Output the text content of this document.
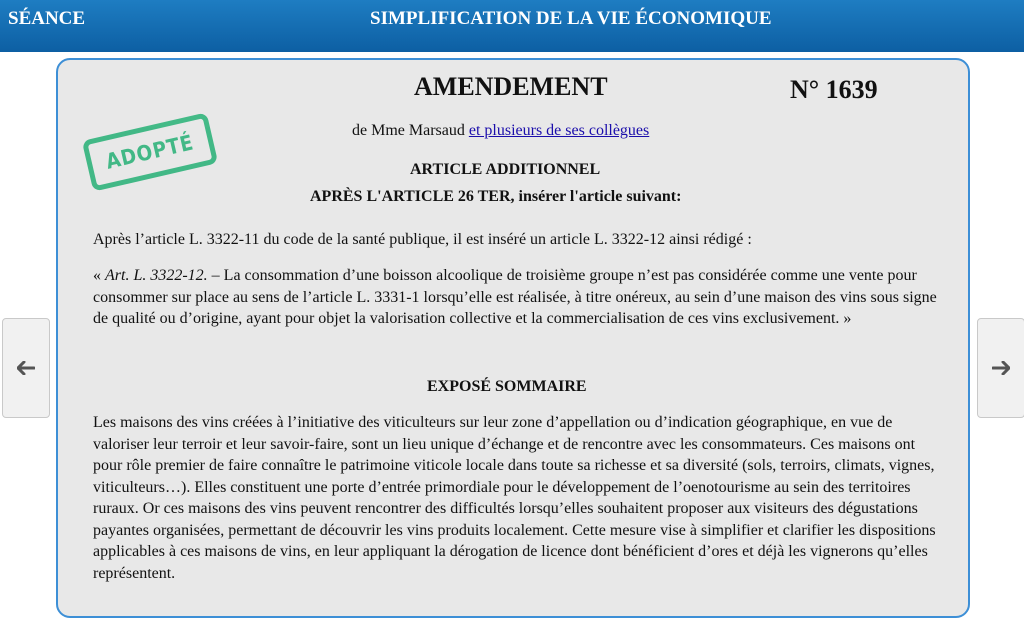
SÉANCE	SIMPLIFICATION DE LA VIE ÉCONOMIQUE
AMENDEMENT	N° 1639
de Mme Marsaud et plusieurs de ses collègues
ADOPTÉ	ARTICLE ADDITIONNEL
APRÈS L'ARTICLE 26 TER, insérer l'article suivant:

Après l’article L. 3322-11 du code de la santé publique, il est inséré un article L. 3322-12 ainsi rédigé :

« Art. L. 3322-12. – La consommation d’une boisson alcoolique de troisième groupe n’est pas considérée comme une vente pour consommer sur place au sens de l’article L. 3331-1 lorsqu’elle est réalisée, à titre onéreux, au sein d’une maison des vins sous signe de qualité ou d’origine, ayant pour objet la valorisation collective et la commercialisation de ces vins exclusivement. »

EXPOSÉ SOMMAIRE

Les maisons des vins créées à l’initiative des viticulteurs sur leur zone d’appellation ou d’indication géographique, en vue de valoriser leur terroir et leur savoir-faire, sont un lieu unique d’échange et de rencontre avec les consommateurs. Ces maisons ont pour rôle premier de faire connaître le patrimoine viticole locale dans toute sa richesse et sa diversité (sols, terroirs, climats, vignes, viticulteurs…). Elles constituent une porte d’entrée primordiale pour le développement de l’oenotourisme au sein des territoires ruraux. Or ces maisons des vins peuvent rencontrer des difficultés lorsqu’elles souhaitent proposer aux visiteurs des dégustations payantes organisées, permettant de découvrir les vins produits localement. Cette mesure vise à simplifier et clarifier les dispositions applicables à ces maisons de vins, en leur appliquant la dérogation de licence dont bénéficient d’ores et déjà les vignerons qu’elles représentent.
